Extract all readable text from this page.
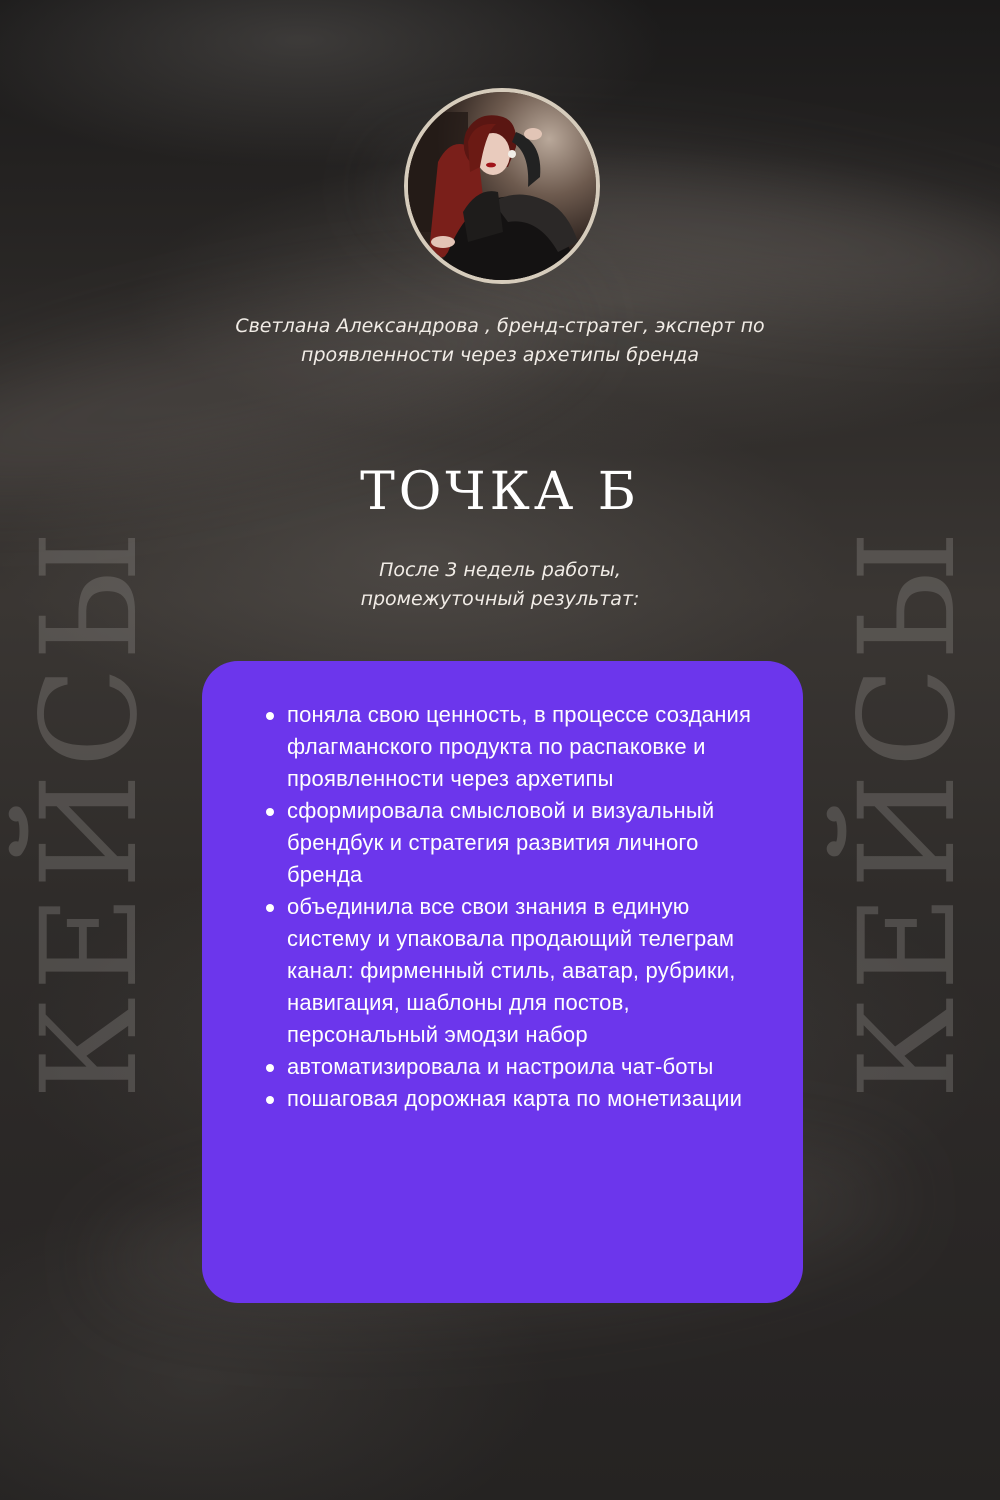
КЕЙСЫ	КЕЙСЫ
Светлана Александрова , бренд-стратег, эксперт по
проявленности через архетипы бренда
ТОЧКА Б
После 3 недель работы,
промежуточный результат:
поняла свою ценность, в процессе создания флагманского продукта по распаковке и проявленности через архетипы
сформировала смысловой и визуальный брендбук и стратегия развития личного бренда
объединила все свои знания в единую систему и упаковала продающий телеграм канал: фирменный стиль, аватар, рубрики, навигация, шаблоны для постов, персональный эмодзи набор
автоматизировала и настроила чат-боты
пошаговая дорожная карта по монетизации
